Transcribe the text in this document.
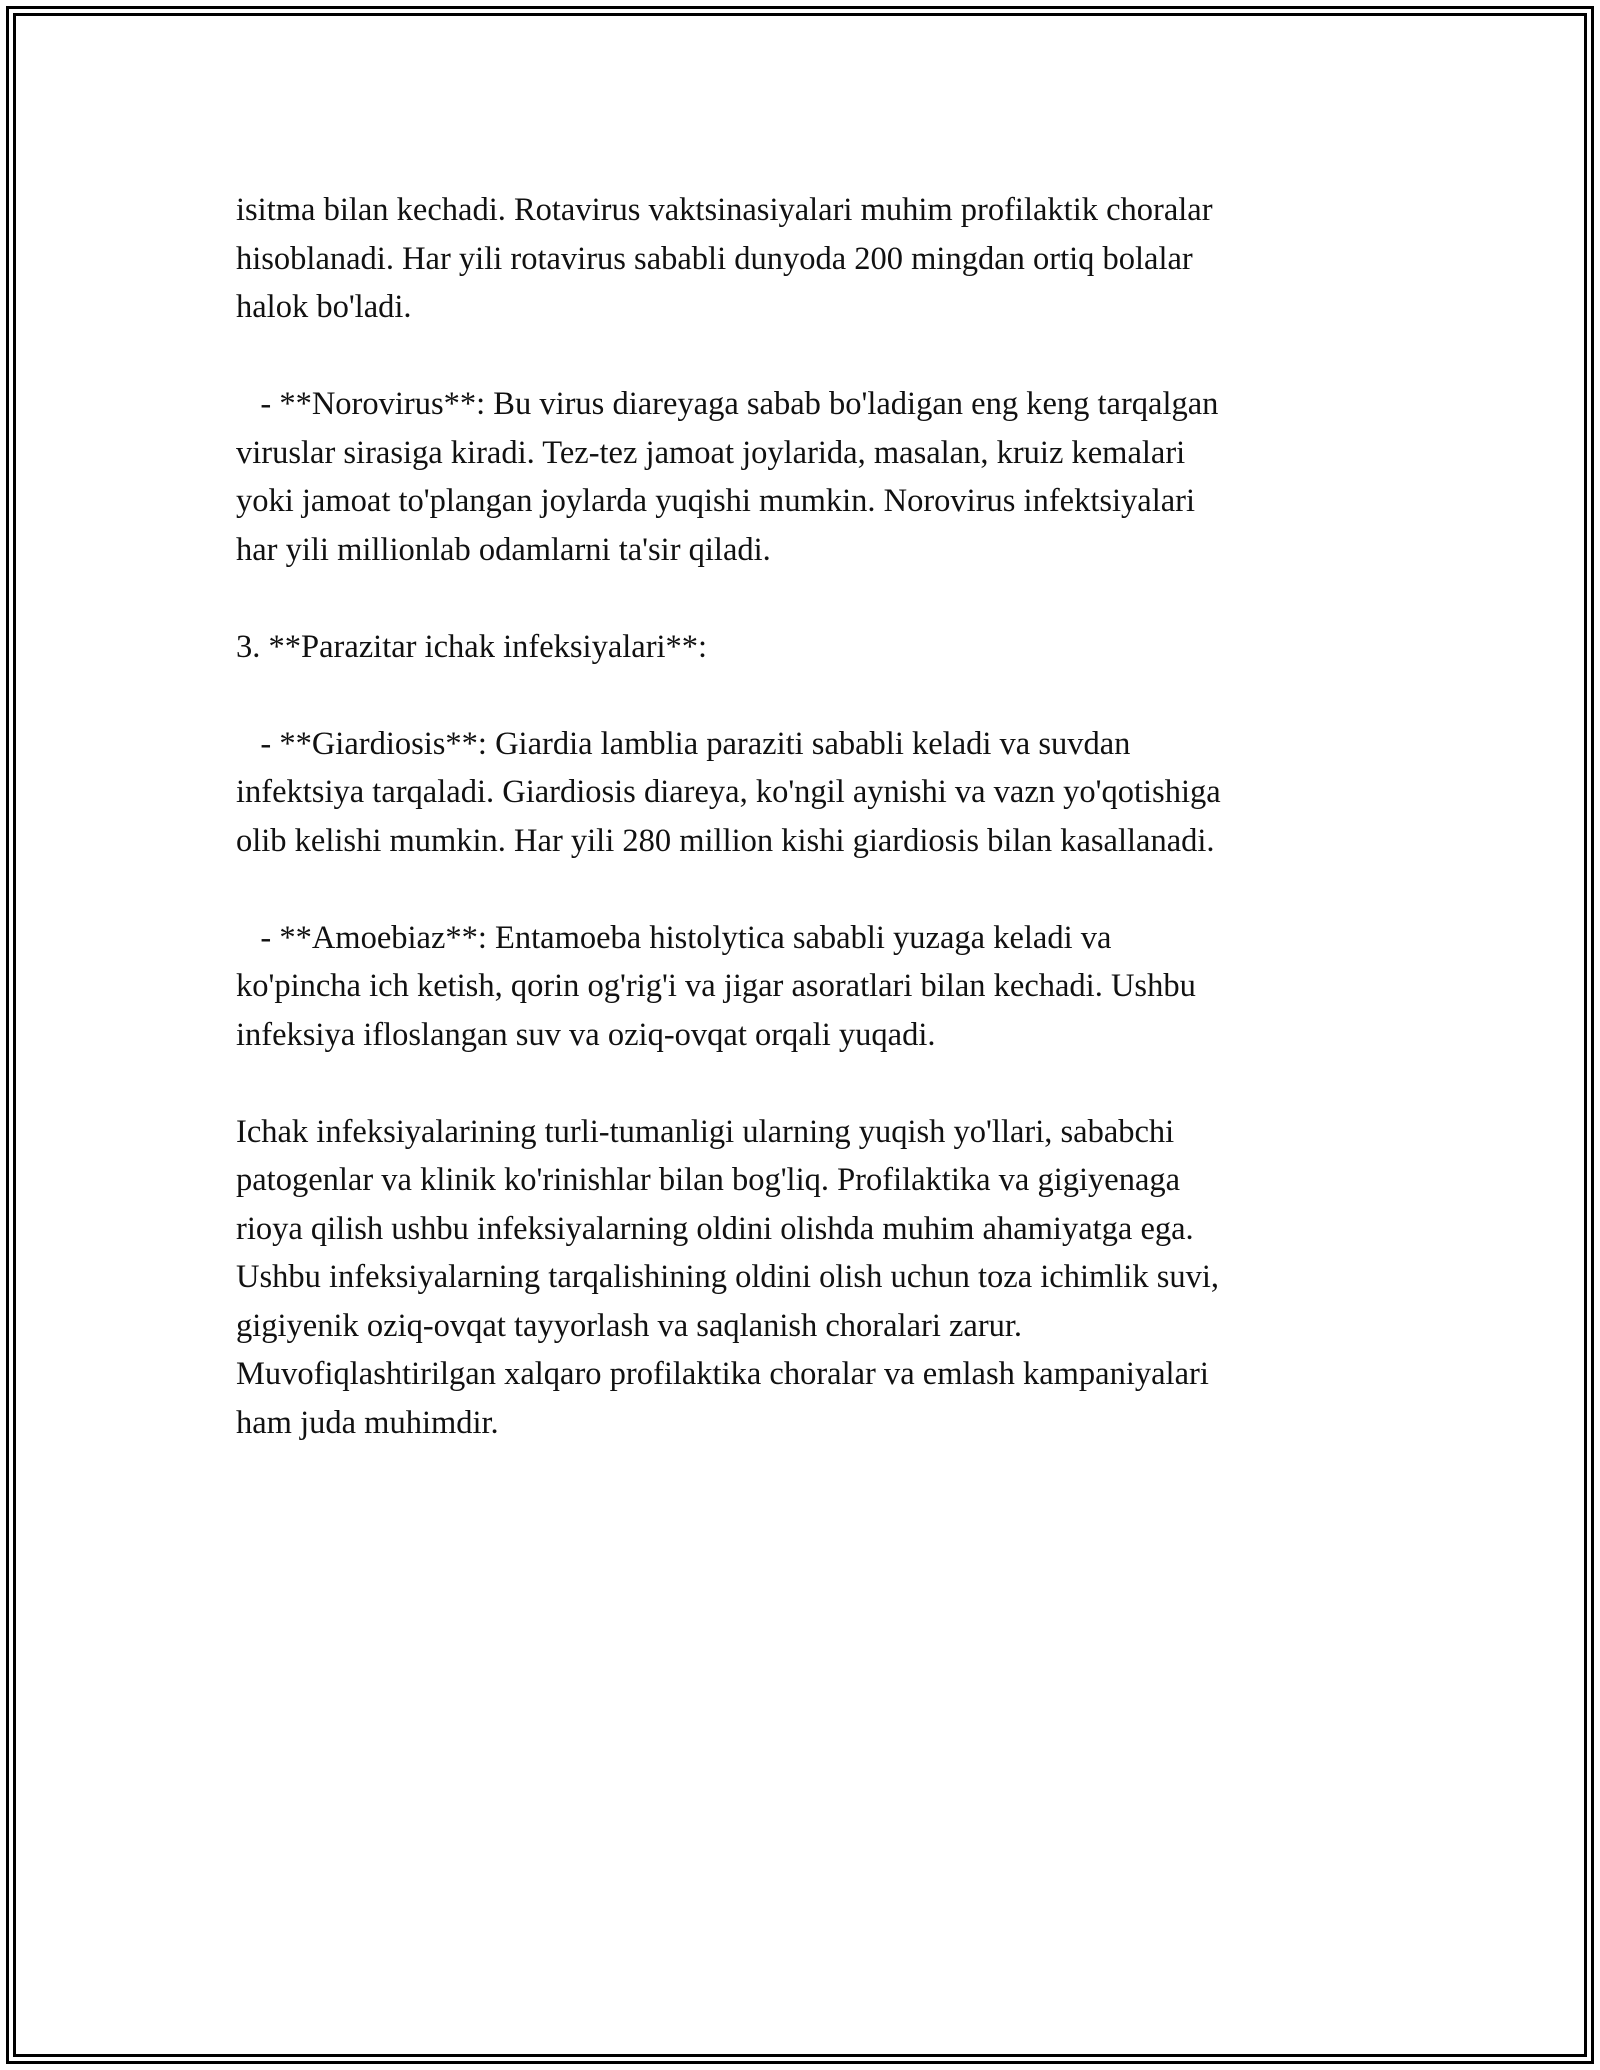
isitma bilan kechadi. Rotavirus vaktsinasiyalari muhim profilaktik choralar
hisoblanadi. Har yili rotavirus sababli dunyoda 200 mingdan ortiq bolalar
halok bo'ladi.

- **Norovirus**: Bu virus diareyaga sabab bo'ladigan eng keng tarqalgan
viruslar sirasiga kiradi. Tez-tez jamoat joylarida, masalan, kruiz kemalari
yoki jamoat to'plangan joylarda yuqishi mumkin. Norovirus infektsiyalari
har yili millionlab odamlarni ta'sir qiladi.

3. **Parazitar ichak infeksiyalari**:

- **Giardiosis**: Giardia lamblia paraziti sababli keladi va suvdan
infektsiya tarqaladi. Giardiosis diareya, ko'ngil aynishi va vazn yo'qotishiga
olib kelishi mumkin. Har yili 280 million kishi giardiosis bilan kasallanadi.

- **Amoebiaz**: Entamoeba histolytica sababli yuzaga keladi va
ko'pincha ich ketish, qorin og'rig'i va jigar asoratlari bilan kechadi. Ushbu
infeksiya ifloslangan suv va oziq-ovqat orqali yuqadi.

Ichak infeksiyalarining turli-tumanligi ularning yuqish yo'llari, sababchi
patogenlar va klinik ko'rinishlar bilan bog'liq. Profilaktika va gigiyenaga
rioya qilish ushbu infeksiyalarning oldini olishda muhim ahamiyatga ega.
Ushbu infeksiyalarning tarqalishining oldini olish uchun toza ichimlik suvi,
gigiyenik oziq-ovqat tayyorlash va saqlanish choralari zarur.
Muvofiqlashtirilgan xalqaro profilaktika choralar va emlash kampaniyalari
ham juda muhimdir.
